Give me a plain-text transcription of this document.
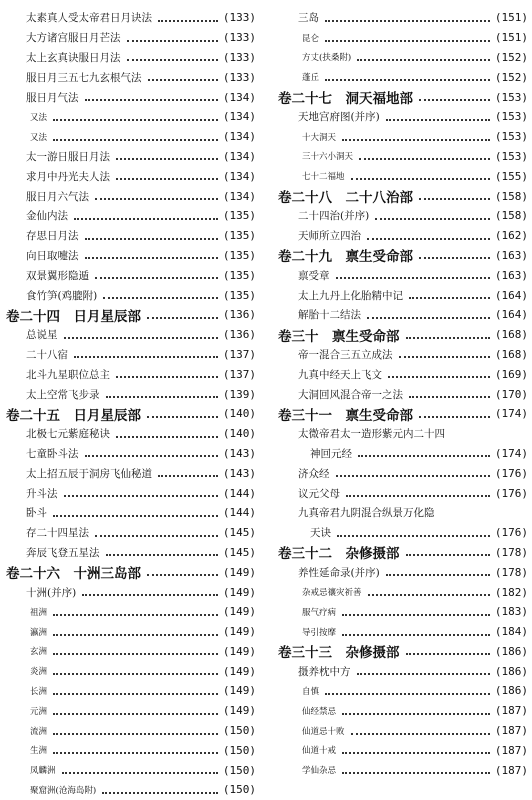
太素真人受太帝君日月诀法	(133)
大方诸宫服日月芒法	(133)
太上玄真诀服日月法	(133)
服日月三五七九玄根气法	(133)
服日月气法	(134)
又法	(134)
又法	(134)
太一游日服日月法	(134)
求月中丹光夫人法	(134)
服日月六气法	(134)
金仙内法	(135)
存思日月法	(135)
向日取嚏法	(135)
双景翼形隐遁	(135)
食竹笋(鸡膍附)	(135)
卷二十四　日月星辰部	(136)
总说星	(136)
二十八宿	(137)
北斗九星职位总主	(137)
太上空常飞步录	(139)
卷二十五　日月星辰部	(140)
北极七元紫庭秘诀	(140)
七童卧斗法	(143)
太上招五辰于洞房飞仙秘道	(143)
升斗法	(144)
卧斗	(144)
存二十四星法	(145)
奔辰飞登五星法	(145)
卷二十六　十洲三岛部	(149)
十洲(并序)	(149)
祖洲	(149)
瀛洲	(149)
玄洲	(149)
炎洲	(149)
长洲	(149)
元洲	(149)
流洲	(150)
生洲	(150)
凤麟洲	(150)
聚窟洲(沧海岛附)	(150)
三岛	(151)
昆仑	(151)
方丈(扶桑附)	(152)
蓬丘	(152)
卷二十七　洞天福地部	(153)
天地宫府图(并序)	(153)
十大洞天	(153)
三十六小洞天	(153)
七十二福地	(155)
卷二十八　二十八治部	(158)
二十四治(并序)	(158)
天师所立四治	(162)
卷二十九　禀生受命部	(163)
禀受章	(163)
太上九丹上化胎精中记	(164)
解胎十二结法	(164)
卷三十　禀生受命部	(168)
帝一混合三五立成法	(168)
九真中经天上飞文	(169)
大洞回风混合帝一之法	(170)
卷三十一　禀生受命部	(174)
太微帝君太一造形紫元内二十四
神回元经	(174)
济众经	(176)
议元父母	(176)
九真帝君九阴混合纵景万化隐
天诀	(176)
卷三十二　杂修摄部	(178)
养性延命录(并序)	(178)
杂戒忌禳灾祈善	(182)
服气疗病	(183)
导引按摩	(184)
卷三十三　杂修摄部	(186)
摄养枕中方	(186)
自慎	(186)
仙经禁忌	(187)
仙道忌十败	(187)
仙道十戒	(187)
学仙杂忌	(187)
